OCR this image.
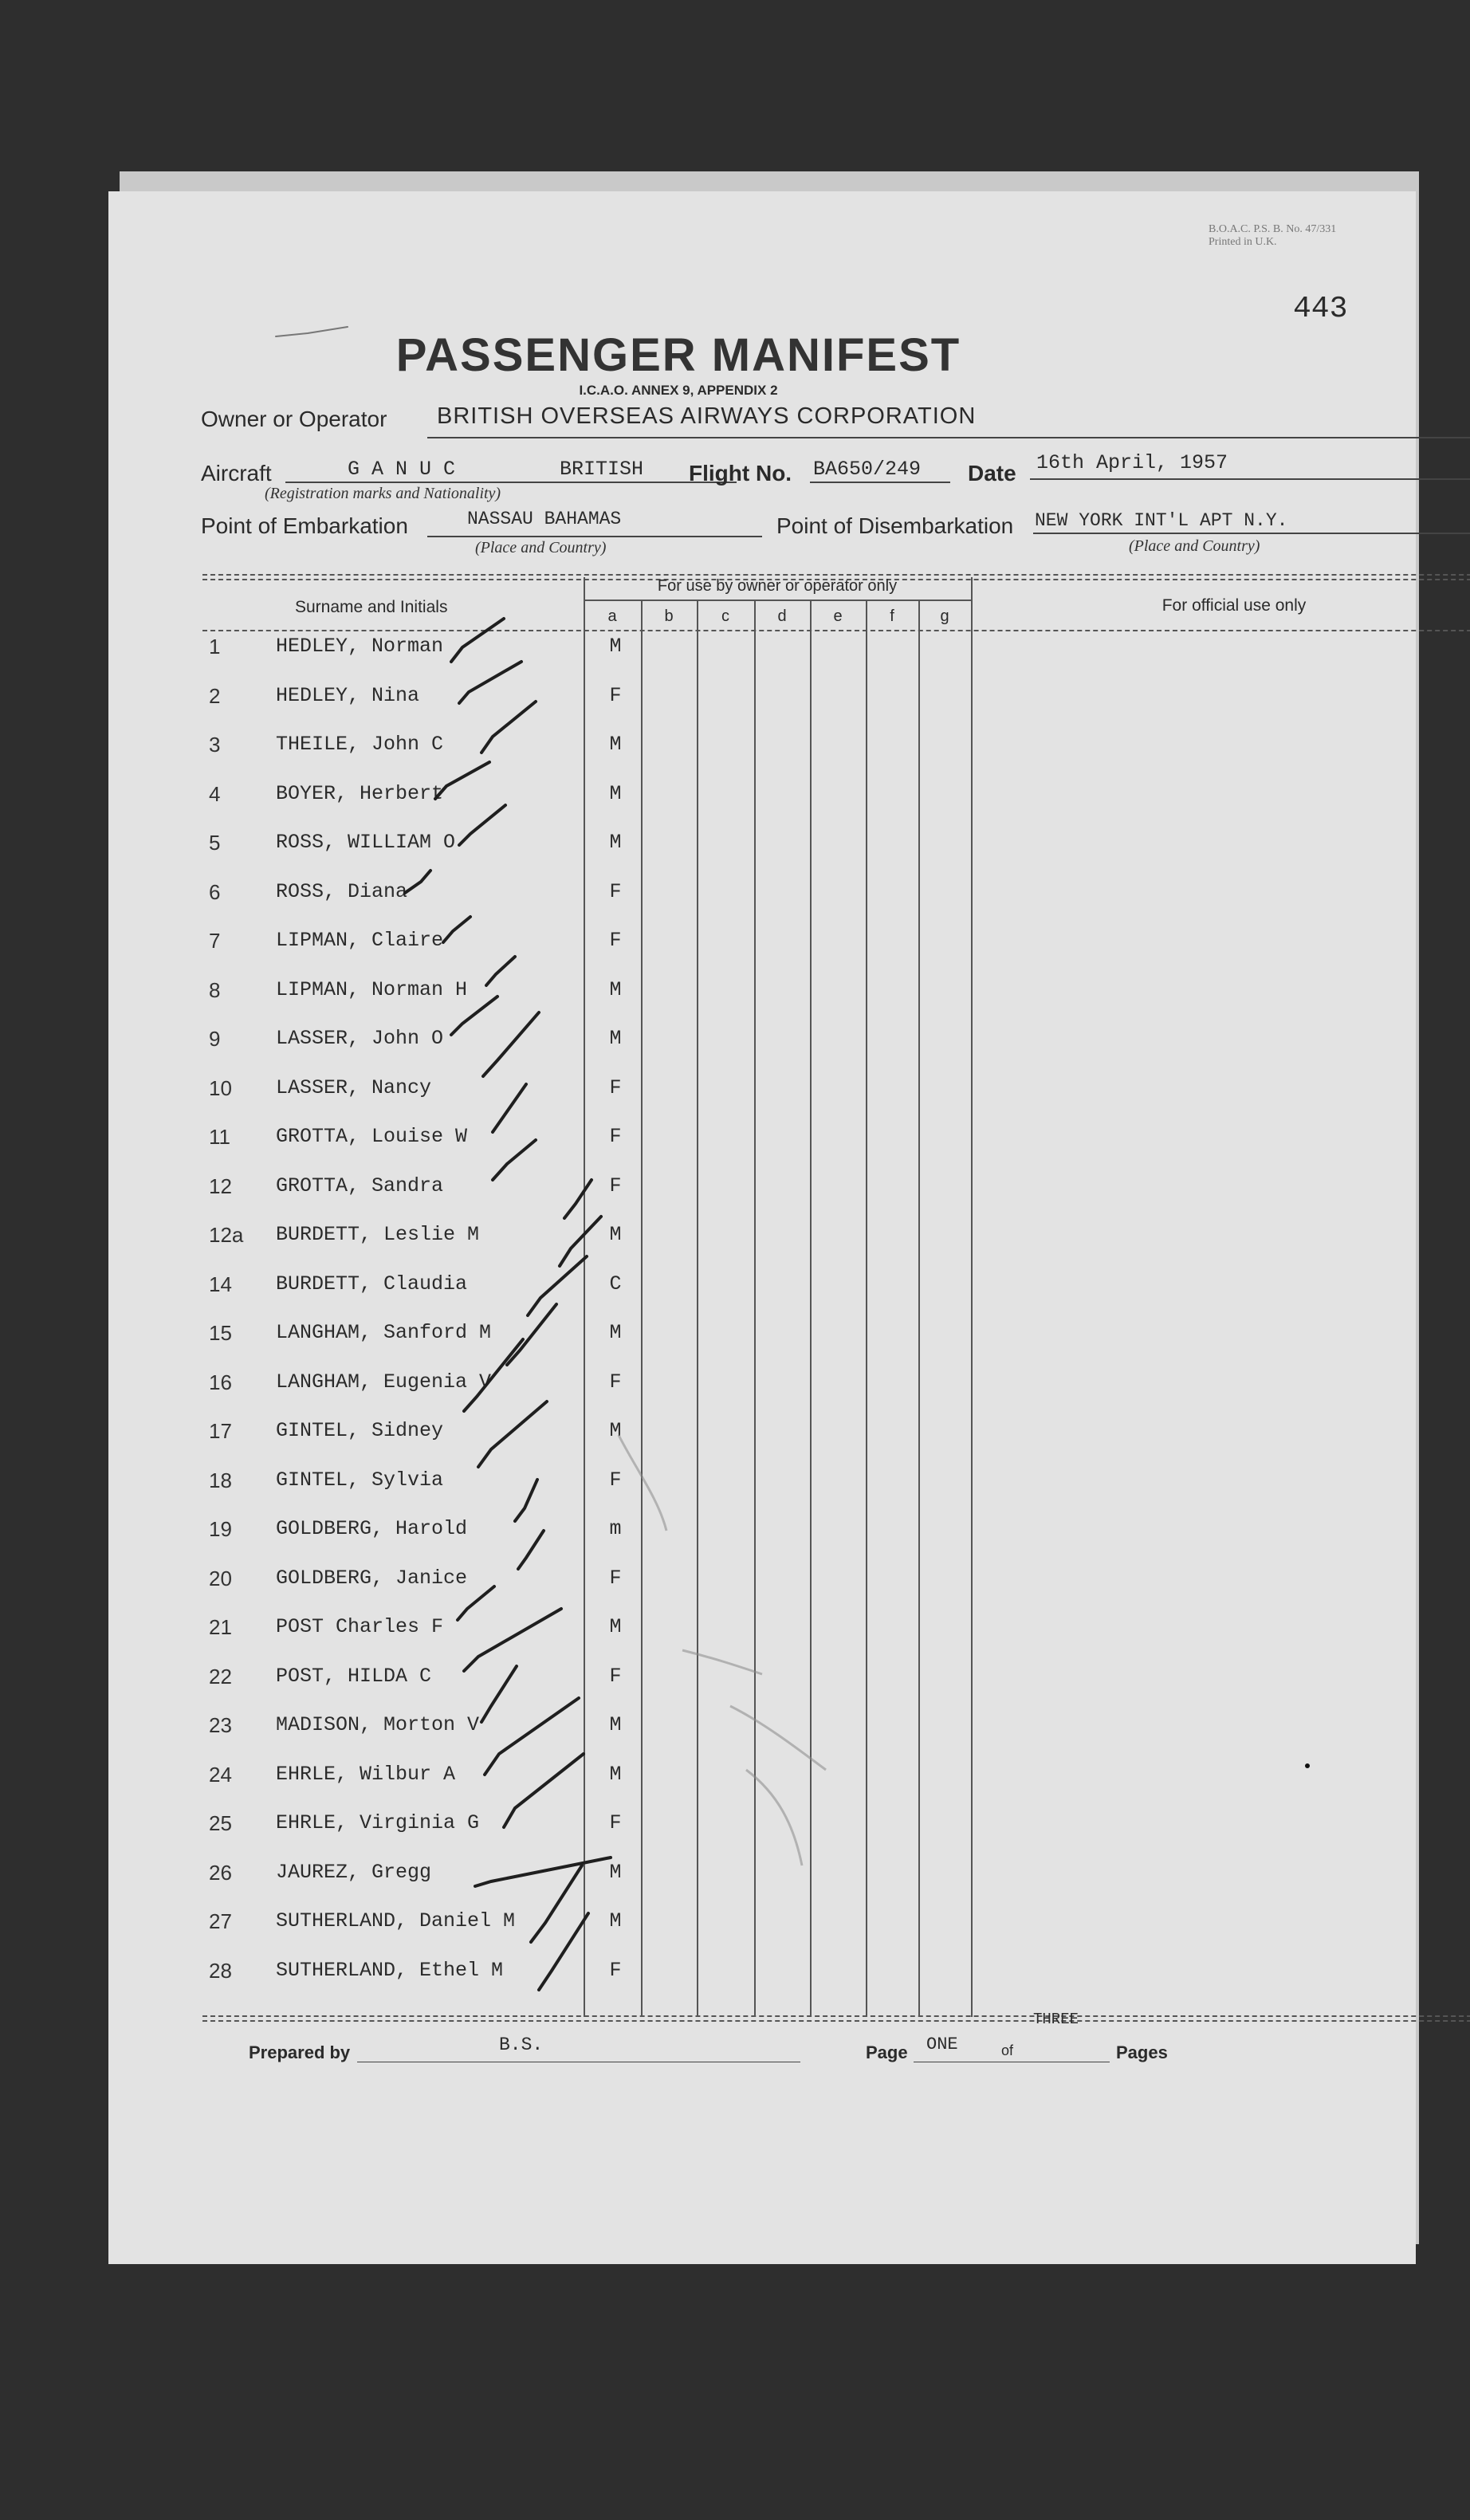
B.O.A.C. P.S. B. No. 47/331
Printed in U.K.
443
PASSENGER MANIFEST
I.C.A.O. ANNEX 9, APPENDIX 2
Owner or Operator BRITISH OVERSEAS AIRWAYS CORPORATION
Aircraft	G A N U C	BRITISH
(Registration marks and Nationality)
Flight No. BA650/249 Date 16th April, 1957
Point of Embarkation	NASSAU BAHAMAS
(Place and Country)
Point of Disembarkation NEW YORK INT'L APT N.Y.
(Place and Country)
Surname and Initials
For use by owner or operator only
For official use only
a	b	c	d	e	f	g
1	HEDLEY, Norman	M
2	HEDLEY, Nina	F
3	THEILE, John C	M
4	BOYER, Herbert	M
5	ROSS, WILLIAM O	M
6	ROSS, Diana	F
7	LIPMAN, Claire	F
8	LIPMAN, Norman H	M
9	LASSER, John O	M
10 LASSER, Nancy	F
11 GROTTA, Louise W	F
12 GROTTA, Sandra	F
12a BURDETT, Leslie M	M
14 BURDETT, Claudia	C
15 LANGHAM, Sanford M	M
16 LANGHAM, Eugenia V	F
17 GINTEL, Sidney	M
18 GINTEL, Sylvia	F
19 GOLDBERG, Harold	m
20 GOLDBERG, Janice	F
21 POST Charles F	M
22 POST, HILDA C	F
23 MADISON, Morton V	M
24 EHRLE, Wilbur A	M
25 EHRLE, Virginia G	F
26 JAUREZ, Gregg	M
27 SUTHERLAND, Daniel M	M
28 SUTHERLAND, Ethel M	F
Prepared by	B.S.	Page ONE	of
THREE
Pages
